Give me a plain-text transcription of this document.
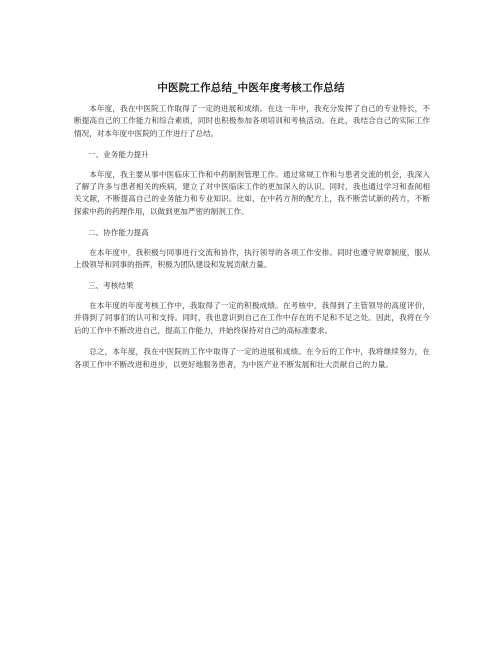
中医院工作总结_中医年度考核工作总结

本年度，我在中医院工作取得了一定的进展和成绩。在这一年中，我充分发挥了自己的专业特长，不断提高自己的工作能力和综合素质，同时也积极参加各项培训和考核活动。在此，我结合自己的实际工作情况，对本年度中医院的工作进行了总结。

一、业务能力提升

本年度，我主要从事中医临床工作和中药制剂管理工作。通过常规工作和与患者交流的机会，我深入了解了许多与患者相关的疾病，建立了对中医临床工作的更加深入的认识。同时，我也通过学习和查阅相关文献，不断提高自己的业务能力和专业知识。比如，在中药方剂的配方上，我不断尝试新的药方，不断探索中药的药理作用，以做到更加严密的制剂工作。

二、协作能力提高

在本年度中，我积极与同事进行交流和协作，执行领导的各项工作安排。同时也遵守规章制度，服从上级领导和同事的指挥，积极为团队建设和发展贡献力量。

三、考核结果

在本年度的年度考核工作中，我取得了一定的积极成绩。在考核中，我得到了主管领导的高度评价，并得到了同事们的认可和支持。同时，我也意识到自己在工作中存在的不足和不足之处。因此，我将在今后的工作中不断改进自己，提高工作能力，并始终保持对自己的高标准要求。

总之，本年度，我在中医院的工作中取得了一定的进展和成绩。在今后的工作中，我将继续努力，在各项工作中不断改进和进步，以更好地服务患者，为中医产业不断发展和壮大贡献自己的力量。
